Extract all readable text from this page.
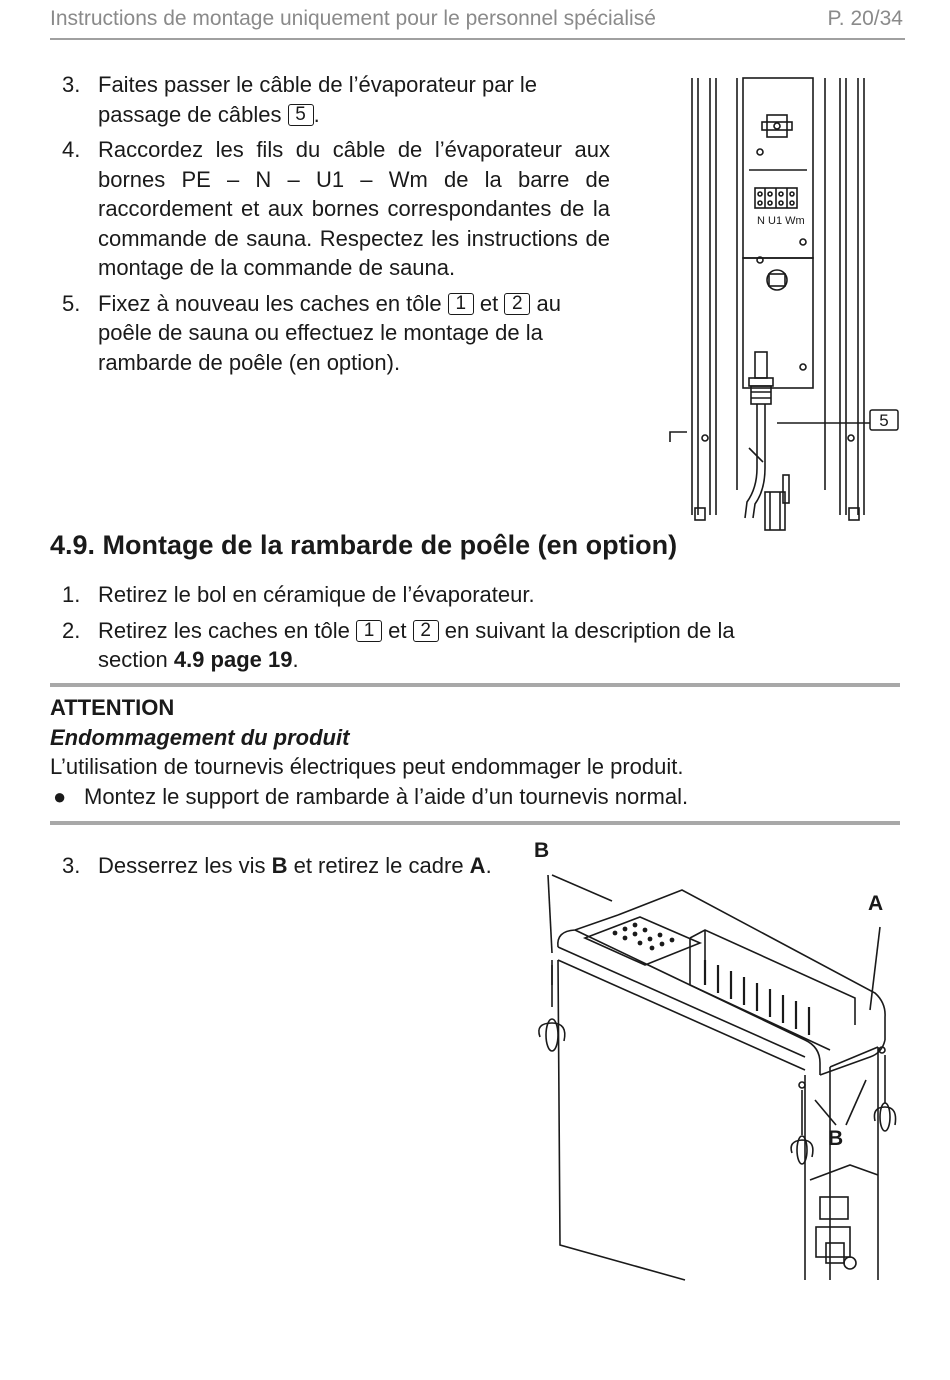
Instructions de montage uniquement pour le personnel spécialisé	P. 20/34
3. Faites passer le câble de l’évaporateur par le passage de câbles 5 .
4. Raccordez les fils du câble de l’évaporateur aux bornes PE – N – U1 – Wm de la barre de raccordement et aux bornes correspondantes de la commande de sauna. Respectez les instructions de montage de la commande de sauna.
5. Fixez à nouveau les caches en tôle 1 et 2 au poêle de sauna ou effectuez le montage de la rambarde de poêle (en option).
N U1 Wm
5
4.9. Montage de la rambarde de poêle (en option)
1. Retirez le bol en céramique de l’évaporateur.
2. Retirez les caches en tôle 1 et 2 en suivant la description de la section 4.9 page 19.
ATTENTION
Endommagement du produit
L’utilisation de tournevis électriques peut endommager le produit.
● Montez le support de rambarde à l’aide d’un tournevis normal.
3. Desserrez les vis B et retirez le cadre A.
B
A
B
